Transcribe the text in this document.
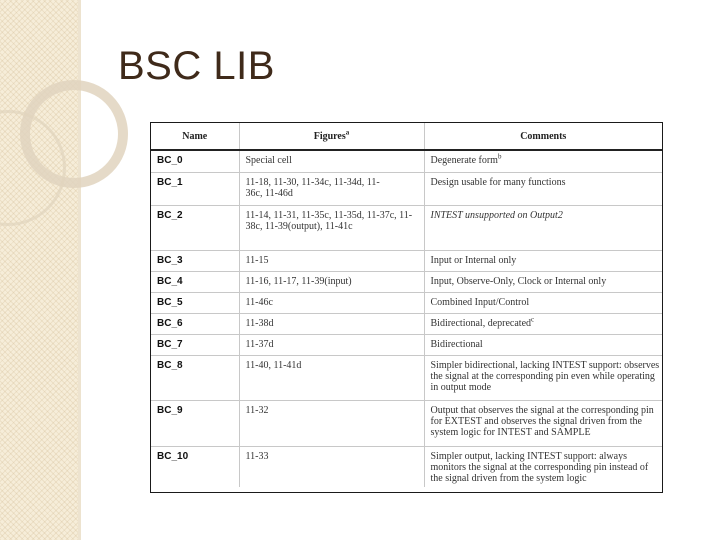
BSC LIB
Name	Figures$^a$	Comments
BC_0	Special cell	Degenerate form$^b$
BC_1	11-18, 11-30, 11-34c, 11-34d, 11-36c, 11-46d	Design usable for many functions
BC_2	11-14, 11-31, 11-35c, 11-35d, 11-37c, 11-38c, 11-39(output), 11-41c	INTEST unsupported on Output2
BC_3	11-15	Input or Internal only
BC_4	11-16, 11-17, 11-39(input)	Input, Observe-Only, Clock or Internal only
BC_5	11-46c	Combined Input/Control
BC_6	11-38d	Bidirectional, deprecated$^c$
BC_7	11-37d	Bidirectional
BC_8	11-40, 11-41d	Simpler bidirectional, lacking INTEST support: observes the signal at the corresponding pin even while operating in output mode
BC_9	11-32	Output that observes the signal at the corresponding pin for EXTEST and observes the signal driven from the system logic for INTEST and SAMPLE
BC_10	11-33	Simpler output, lacking INTEST support: always monitors the signal at the corresponding pin instead of the signal driven from the system logic
